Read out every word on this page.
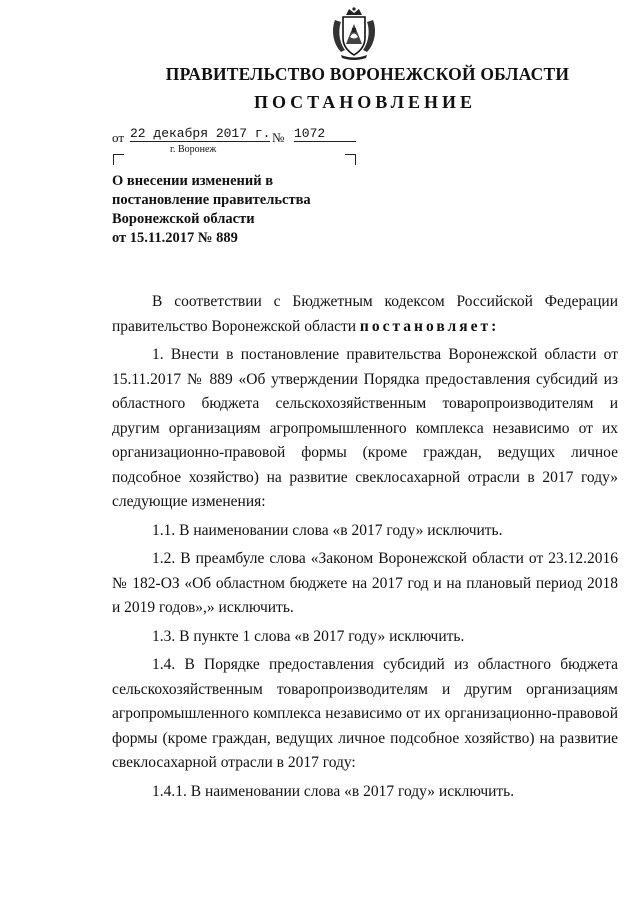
ПРАВИТЕЛЬСТВО ВОРОНЕЖСКОЙ ОБЛАСТИ
ПОСТАНОВЛЕНИЕ
от 22 декабря 2017 г. № 1072
г. Воронеж
О внесении изменений в
постановление правительства
Воронежской области
от 15.11.2017 № 889

В соответствии с Бюджетным кодексом Российской Федерации правительство Воронежской области постановляет:

1. Внести в постановление правительства Воронежской области от 15.11.2017 № 889 «Об утверждении Порядка предоставления субсидий из областного бюджета сельскохозяйственным товаропроизводителям и другим организациям агропромышленного комплекса независимо от их организационно-правовой формы (кроме граждан, ведущих личное подсобное хозяйство) на развитие свеклосахарной отрасли в 2017 году» следующие изменения:

1.1. В наименовании слова «в 2017 году» исключить.

1.2. В преамбуле слова «Законом Воронежской области от 23.12.2016 № 182-ОЗ «Об областном бюджете на 2017 год и на плановый период 2018 и 2019 годов»,» исключить.

1.3. В пункте 1 слова «в 2017 году» исключить.

1.4. В Порядке предоставления субсидий из областного бюджета сельскохозяйственным товаропроизводителям и другим организациям агропромышленного комплекса независимо от их организационно-правовой формы (кроме граждан, ведущих личное подсобное хозяйство) на развитие свеклосахарной отрасли в 2017 году:

1.4.1. В наименовании слова «в 2017 году» исключить.
